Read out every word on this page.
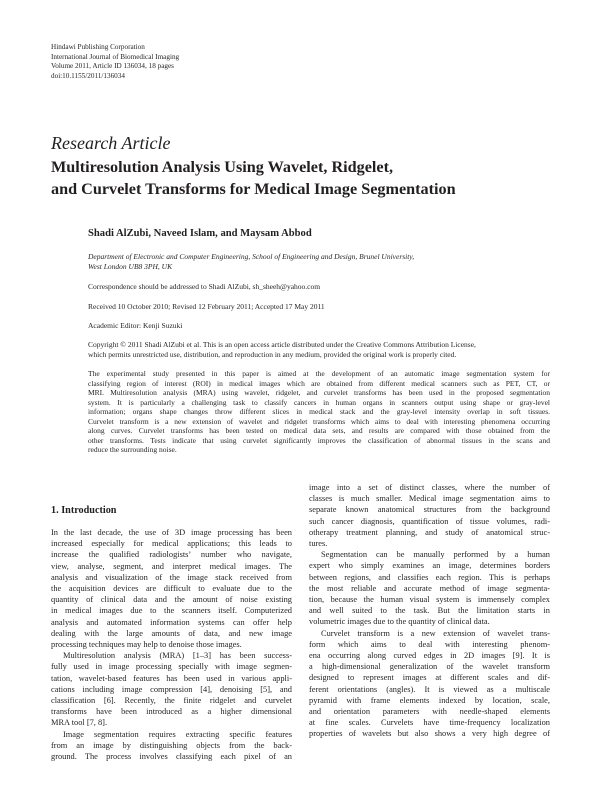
Hindawi Publishing Corporation
International Journal of Biomedical Imaging
Volume 2011, Article ID 136034, 18 pages
doi:10.1155/2011/136034
Research Article
Multiresolution Analysis Using Wavelet, Ridgelet,
and Curvelet Transforms for Medical Image Segmentation
Shadi AlZubi, Naveed Islam, and Maysam Abbod
Department of Electronic and Computer Engineering, School of Engineering and Design, Brunel University,
West London UB8 3PH, UK
Correspondence should be addressed to Shadi AlZubi, sh_sheeh@yahoo.com
Received 10 October 2010; Revised 12 February 2011; Accepted 17 May 2011
Academic Editor: Kenji Suzuki
Copyright © 2011 Shadi AlZubi et al. This is an open access article distributed under the Creative Commons Attribution License,
which permits unrestricted use, distribution, and reproduction in any medium, provided the original work is properly cited.
The experimental study presented in this paper is aimed at the development of an automatic image segmentation system for
classifying region of interest (ROI) in medical images which are obtained from different medical scanners such as PET, CT, or
MRI. Multiresolution analysis (MRA) using wavelet, ridgelet, and curvelet transforms has been used in the proposed segmentation
system. It is particularly a challenging task to classify cancers in human organs in scanners output using shape or gray-level
information; organs shape changes throw different slices in medical stack and the gray-level intensity overlap in soft tissues.
Curvelet transform is a new extension of wavelet and ridgelet transforms which aims to deal with interesting phenomena occurring
along curves. Curvelet transforms has been tested on medical data sets, and results are compared with those obtained from the
other transforms. Tests indicate that using curvelet significantly improves the classification of abnormal tissues in the scans and
reduce the surrounding noise.
1. Introduction
In the last decade, the use of 3D image processing has been
increased especially for medical applications; this leads to
increase the qualified radiologists’ number who navigate,
view, analyse, segment, and interpret medical images. The
analysis and visualization of the image stack received from
the acquisition devices are difficult to evaluate due to the
quantity of clinical data and the amount of noise existing
in medical images due to the scanners itself. Computerized
analysis and automated information systems can offer help
dealing with the large amounts of data, and new image
processing techniques may help to denoise those images.
Multiresolution analysis (MRA) [1–3] has been success-
fully used in image processing specially with image segmen-
tation, wavelet-based features has been used in various appli-
cations including image compression [4], denoising [5], and
classification [6]. Recently, the finite ridgelet and curvelet
transforms have been introduced as a higher dimensional
MRA tool [7, 8].
Image segmentation requires extracting specific features
from an image by distinguishing objects from the back-
ground. The process involves classifying each pixel of an
image into a set of distinct classes, where the number of
classes is much smaller. Medical image segmentation aims to
separate known anatomical structures from the background
such cancer diagnosis, quantification of tissue volumes, radi-
otherapy treatment planning, and study of anatomical struc-
tures.
Segmentation can be manually performed by a human
expert who simply examines an image, determines borders
between regions, and classifies each region. This is perhaps
the most reliable and accurate method of image segmenta-
tion, because the human visual system is immensely complex
and well suited to the task. But the limitation starts in
volumetric images due to the quantity of clinical data.
Curvelet transform is a new extension of wavelet trans-
form which aims to deal with interesting phenom-
ena occurring along curved edges in 2D images [9]. It is
a high-dimensional generalization of the wavelet transform
designed to represent images at different scales and dif-
ferent orientations (angles). It is viewed as a multiscale
pyramid with frame elements indexed by location, scale,
and orientation parameters with needle-shaped elements
at fine scales. Curvelets have time-frequency localization
properties of wavelets but also shows a very high degree of
